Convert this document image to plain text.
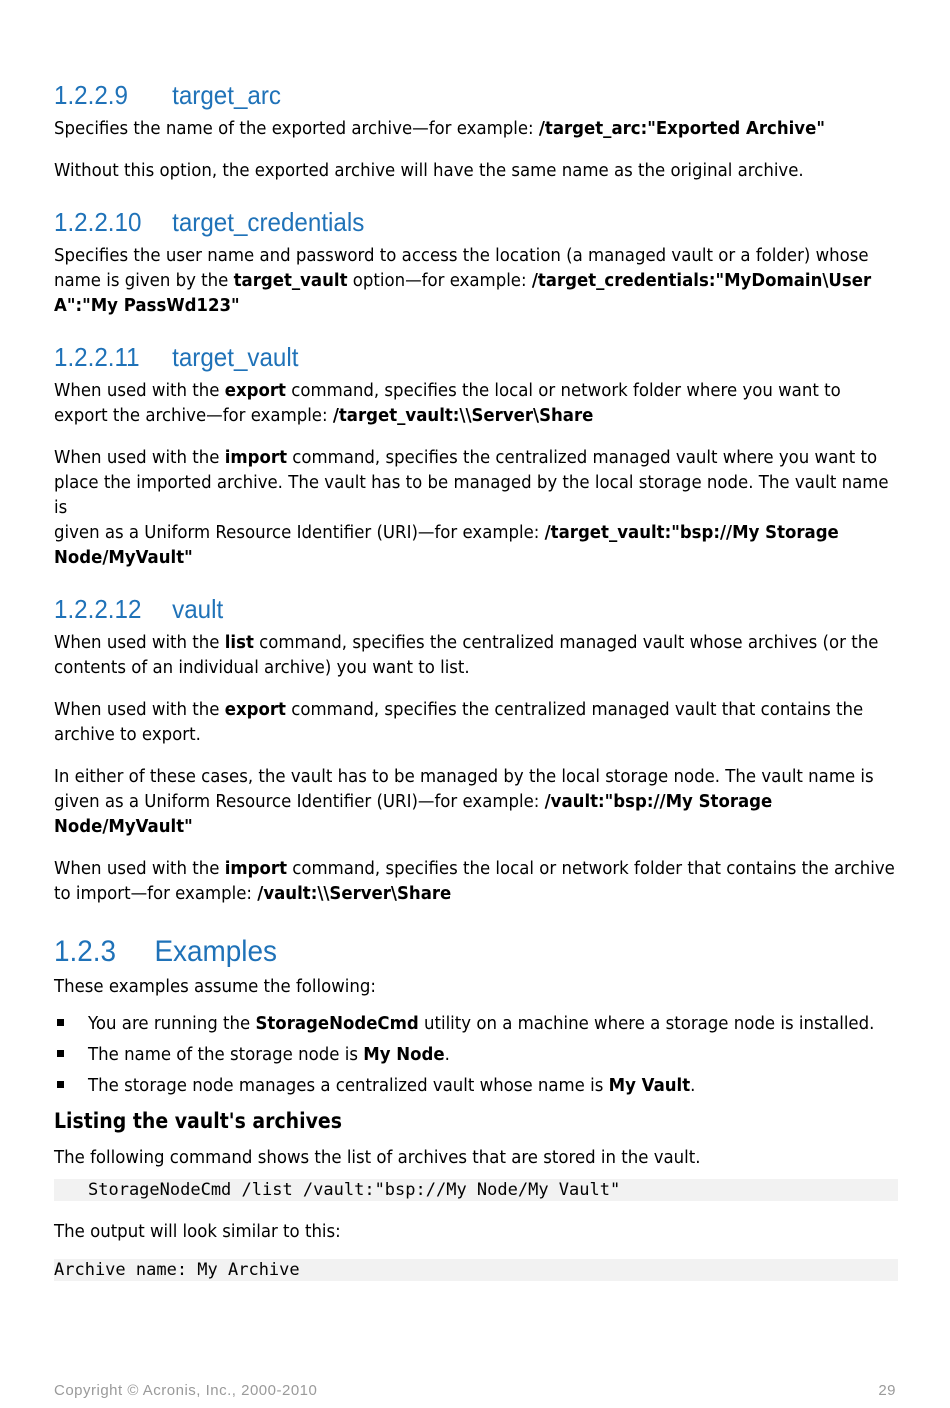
1.2.2.9 target_arc

Specifies the name of the exported archive—for example: /target_arc:"Exported Archive"

Without this option, the exported archive will have the same name as the original archive.

1.2.2.10 target_credentials

Specifies the user name and password to access the location (a managed vault or a folder) whose

name is given by the target_vault option—for example: /target_credentials:"MyDomain\User

A":"My PassWd123"

1.2.2.11 target_vault

When used with the export command, specifies the local or network folder where you want to

export the archive—for example: /target_vault:\\Server\Share

When used with the import command, specifies the centralized managed vault where you want to

place the imported archive. The vault has to be managed by the local storage node. The vault name is

given as a Uniform Resource Identifier (URI)—for example: /target_vault:"bsp://My Storage

Node/MyVault"

1.2.2.12 vault

When used with the list command, specifies the centralized managed vault whose archives (or the

contents of an individual archive) you want to list.

When used with the export command, specifies the centralized managed vault that contains the

archive to export.

In either of these cases, the vault has to be managed by the local storage node. The vault name is

given as a Uniform Resource Identifier (URI)—for example: /vault:"bsp://My Storage

Node/MyVault"

When used with the import command, specifies the local or network folder that contains the archive

to import—for example: /vault:\\Server\Share

1.2.3 Examples

These examples assume the following:

You are running the StorageNodeCmd utility on a machine where a storage node is installed.

The name of the storage node is My Node.

The storage node manages a centralized vault whose name is My Vault.

Listing the vault's archives

The following command shows the list of archives that are stored in the vault.

StorageNodeCmd /list /vault:"bsp://My Node/My Vault"

The output will look similar to this:

Archive name: My Archive
Copyright © Acronis, Inc., 2000-2010	29
